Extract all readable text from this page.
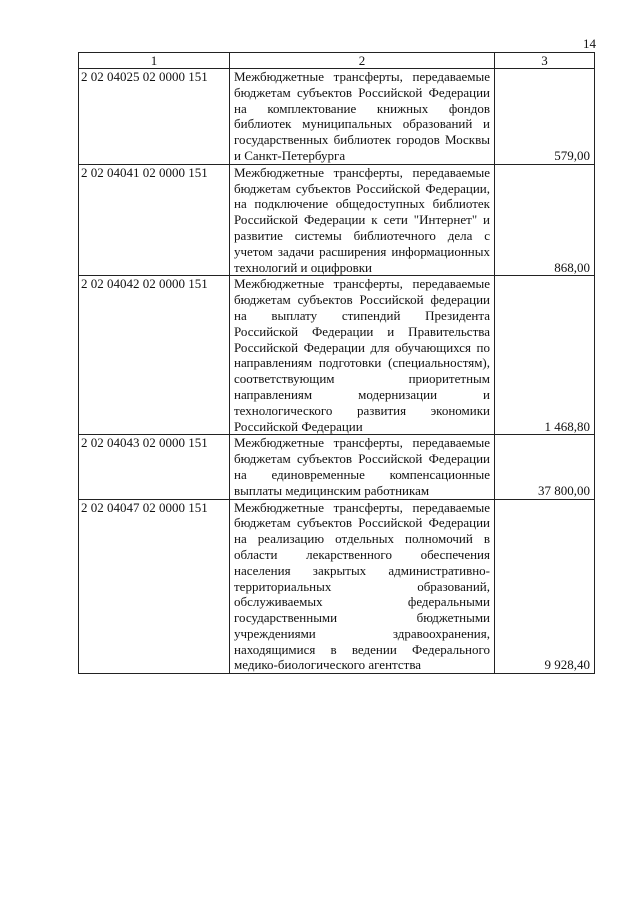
14
1	2	3
2 02 04025 02 0000 151	Межбюджетные трансферты, передаваемые бюджетам субъектов Российской Федерации на комплектование книжных фондов библиотек муниципальных образований и государственных библиотек городов Москвы и Санкт-Петербурга	579,00
2 02 04041 02 0000 151	Межбюджетные трансферты, передаваемые бюджетам субъектов Российской Федерации, на подключение общедоступных библиотек Российской Федерации к сети "Интернет" и развитие системы библиотечного дела с учетом задачи расширения информационных технологий и оцифровки	868,00
2 02 04042 02 0000 151	Межбюджетные трансферты, передаваемые бюджетам субъектов Российской федерации на выплату стипендий Президента Российской Федерации и Правительства Российской Федерации для обучающихся по направлениям подготовки (специальностям), соответствующим приоритетным направлениям модернизации и технологического развития экономики Российской Федерации	1 468,80
2 02 04043 02 0000 151	Межбюджетные трансферты, передаваемые бюджетам субъектов Российской Федерации на единовременные компенсационные выплаты медицинским работникам	37 800,00
2 02 04047 02 0000 151	Межбюджетные трансферты, передаваемые бюджетам субъектов Российской Федерации на реализацию отдельных полномочий в области лекарственного обеспечения населения закрытых административно-территориальных образований, обслуживаемых федеральными государственными бюджетными учреждениями здравоохранения, находящимися в ведении Федерального медико-биологического агентства	9 928,40
